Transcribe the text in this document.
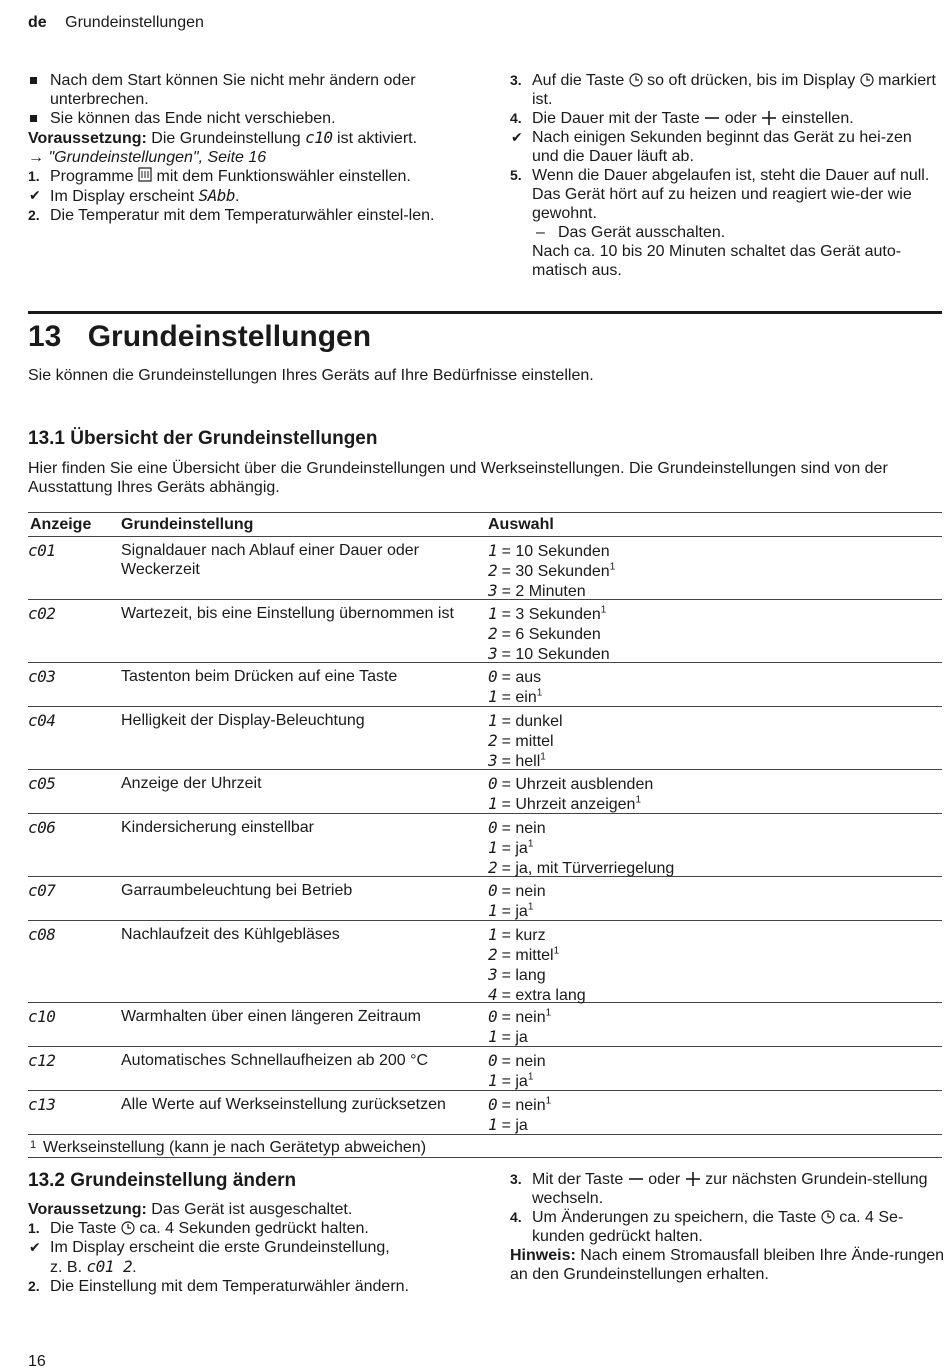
de Grundeinstellungen
Nach dem Start können Sie nicht mehr ändern oder unterbrechen.
Sie können das Ende nicht verschieben.
Voraussetzung: Die Grundeinstellung c10 ist aktiviert.
→ "Grundeinstellungen", Seite 16
1. Programme mit dem Funktionswähler einstellen.
✔ Im Display erscheint SAbb.
2. Die Temperatur mit dem Temperaturwähler einstel-len.
3. Auf die Taste so oft drücken, bis im Display markiert ist.
4. Die Dauer mit der Taste oder einstellen.
✔ Nach einigen Sekunden beginnt das Gerät zu hei-zen und die Dauer läuft ab.
5. Wenn die Dauer abgelaufen ist, steht die Dauer auf null. Das Gerät hört auf zu heizen und reagiert wie-der wie gewohnt.
– Das Gerät ausschalten.
Nach ca. 10 bis 20 Minuten schaltet das Gerät auto-matisch aus.
13 Grundeinstellungen
Sie können die Grundeinstellungen Ihres Geräts auf Ihre Bedürfnisse einstellen.
13.1 Übersicht der Grundeinstellungen
Hier finden Sie eine Übersicht über die Grundeinstellungen und Werkseinstellungen. Die Grundeinstellungen sind von der Ausstattung Ihres Geräts abhängig.
Anzeige Grundeinstellung	Auswahl
c01	Signaldauer nach Ablauf einer Dauer oder Weckerzeit
1 = 10 Sekunden
2 = 30 Sekunden$^1$
3 = 2 Minuten
c02	Wartezeit, bis eine Einstellung übernommen ist	1 = 3 Sekunden$^1$
2 = 6 Sekunden
3 = 10 Sekunden
c03	Tastenton beim Drücken auf eine Taste	0 = aus
1 = ein$^1$
c04	Helligkeit der Display-Beleuchtung	1 = dunkel
2 = mittel
3 = hell$^1$
c05	Anzeige der Uhrzeit	0 = Uhrzeit ausblenden
1 = Uhrzeit anzeigen$^1$
c06	Kindersicherung einstellbar	0 = nein
$1 = ja^1$
2 = ja, mit Türverriegelung
c07	Garraumbeleuchtung bei Betrieb	0 = nein
$1 = ja^1$
c08	Nachlaufzeit des Kühlgebläses	1 = kurz
2 = mittel$^1$
3 = lang
4 = extra lang
c10	Warmhalten über einen längeren Zeitraum	0 = nein$^1$
1 = ja
c12	Automatisches Schnellaufheizen ab 200 °C	0 = nein
$1 = ja^1$
c13	Alle Werte auf Werkseinstellung zurücksetzen	0 = nein$^1$
1 = ja
1 Werkseinstellung (kann je nach Gerätetyp abweichen)
13.2 Grundeinstellung ändern
Voraussetzung: Das Gerät ist ausgeschaltet.
1. Die Taste ca. 4 Sekunden gedrückt halten.
✔ Im Display erscheint die erste Grundeinstellung,
z. B. c01 2.
2. Die Einstellung mit dem Temperaturwähler ändern.
3. Mit der Taste oder zur nächsten Grundein-stellung wechseln.
4. Um Änderungen zu speichern, die Taste ca. 4 Se-kunden gedrückt halten.
Hinweis: Nach einem Stromausfall bleiben Ihre Ände-rungen an den Grundeinstellungen erhalten.
16
